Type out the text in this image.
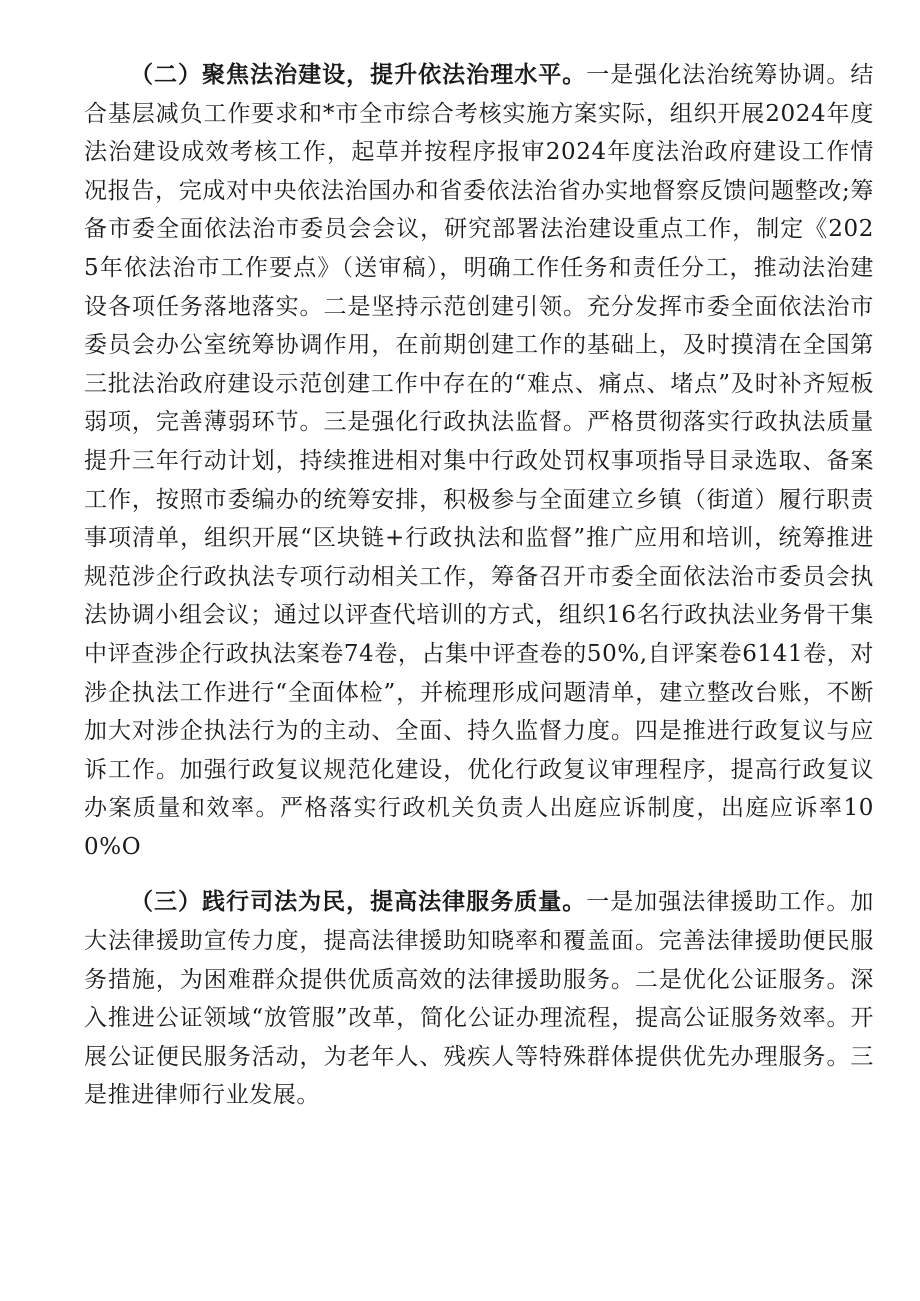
（二）聚焦法治建设，提升依法治理水平。一是强化法治统筹协调。结合基层减负工作要求和*市全市综合考核实施方案实际，组织开展2024年度法治建设成效考核工作，起草并按程序报审2024年度法治政府建设工作情况报告，完成对中央依法治国办和省委依法治省办实地督察反馈问题整改;筹备市委全面依法治市委员会会议，研究部署法治建设重点工作，制定《2025年依法治市工作要点》（送审稿），明确工作任务和责任分工，推动法治建设各项任务落地落实。二是坚持示范创建引领。充分发挥市委全面依法治市委员会办公室统筹协调作用，在前期创建工作的基础上，及时摸清在全国第三批法治政府建设示范创建工作中存在的“难点、痛点、堵点”及时补齐短板弱项，完善薄弱环节。三是强化行政执法监督。严格贯彻落实行政执法质量提升三年行动计划，持续推进相对集中行政处罚权事项指导目录选取、备案工作，按照市委编办的统筹安排，积极参与全面建立乡镇（街道）履行职责事项清单，组织开展“区块链+行政执法和监督”推广应用和培训，统筹推进规范涉企行政执法专项行动相关工作，筹备召开市委全面依法治市委员会执法协调小组会议；通过以评查代培训的方式，组织16名行政执法业务骨干集中评查涉企行政执法案卷74卷，占集中评查卷的50%,自评案卷6141卷，对涉企执法工作进行“全面体检”，并梳理形成问题清单，建立整改台账，不断加大对涉企执法行为的主动、全面、持久监督力度。四是推进行政复议与应诉工作。加强行政复议规范化建设，优化行政复议审理程序，提高行政复议办案质量和效率。严格落实行政机关负责人出庭应诉制度，出庭应诉率100%O

（三）践行司法为民，提高法律服务质量。一是加强法律援助工作。加大法律援助宣传力度，提高法律援助知晓率和覆盖面。完善法律援助便民服务措施，为困难群众提供优质高效的法律援助服务。二是优化公证服务。深入推进公证领域“放管服”改革，简化公证办理流程，提高公证服务效率。开展公证便民服务活动，为老年人、残疾人等特殊群体提供优先办理服务。三是推进律师行业发展。
